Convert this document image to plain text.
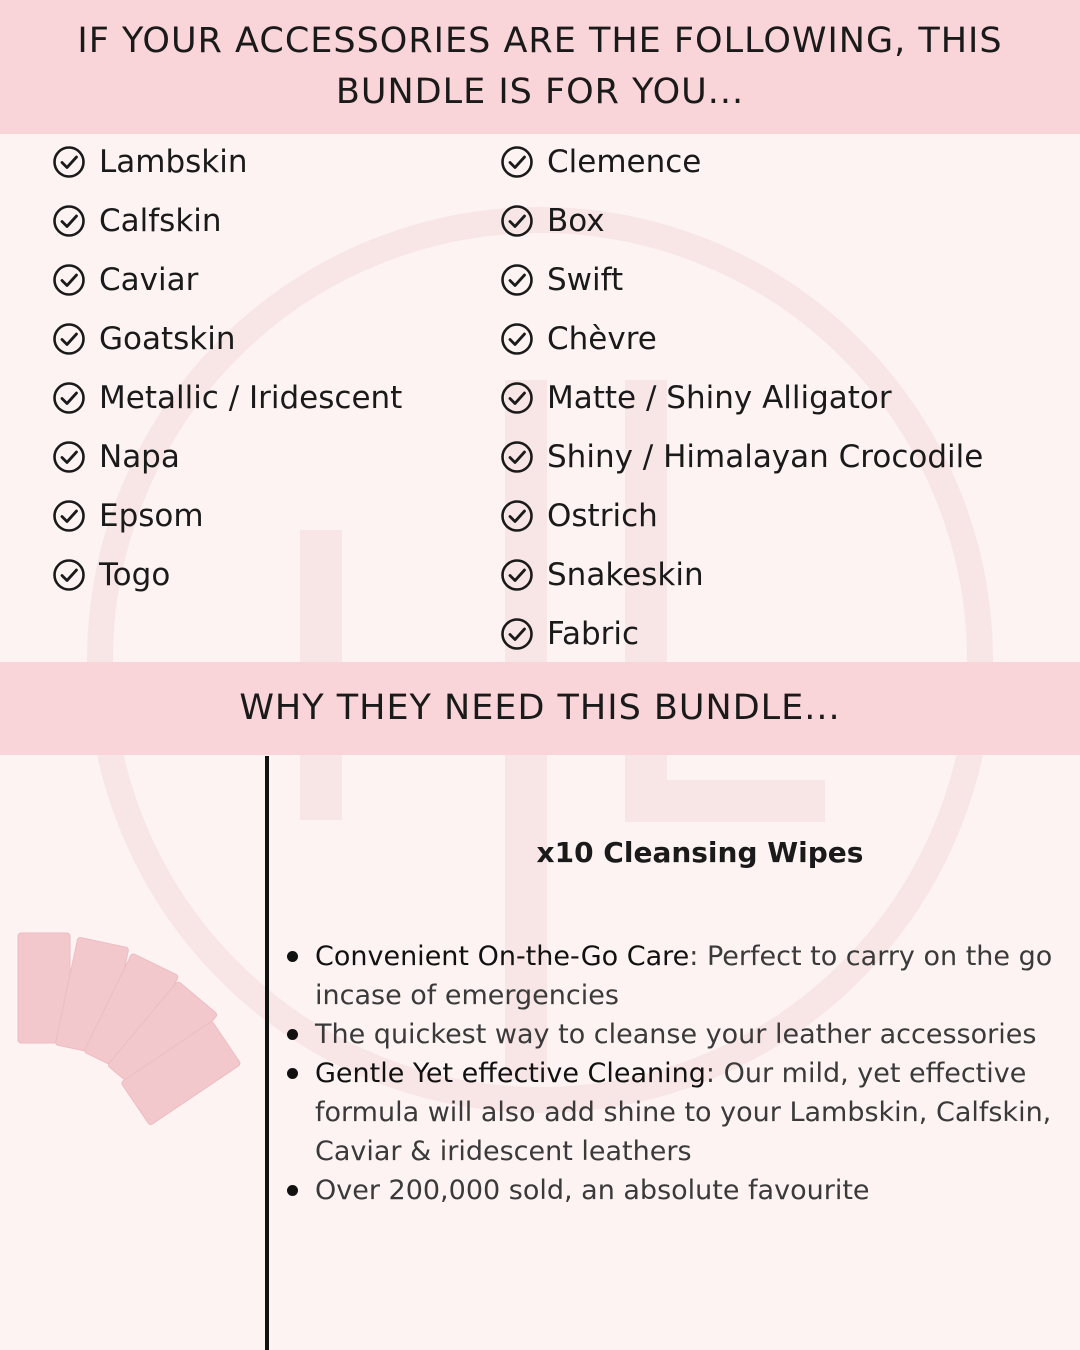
IF YOUR ACCESSORIES ARE THE FOLLOWING, THIS
BUNDLE IS FOR YOU...
Lambskin
Calfskin
Caviar
Goatskin
Metallic / Iridescent
Napa
Epsom
Togo
Clemence
Box
Swift
Chèvre
Matte / Shiny Alligator
Shiny / Himalayan Crocodile
Ostrich
Snakeskin
Fabric
WHY THEY NEED THIS BUNDLE...
x10 Cleansing Wipes
Convenient On-the-Go Care: Perfect to carry on the go incase of emergencies
The quickest way to cleanse your leather accessories
Gentle Yet effective Cleaning: Our mild, yet effective formula will also add shine to your Lambskin, Calfskin, Caviar & iridescent leathers
Over 200,000 sold, an absolute favourite
